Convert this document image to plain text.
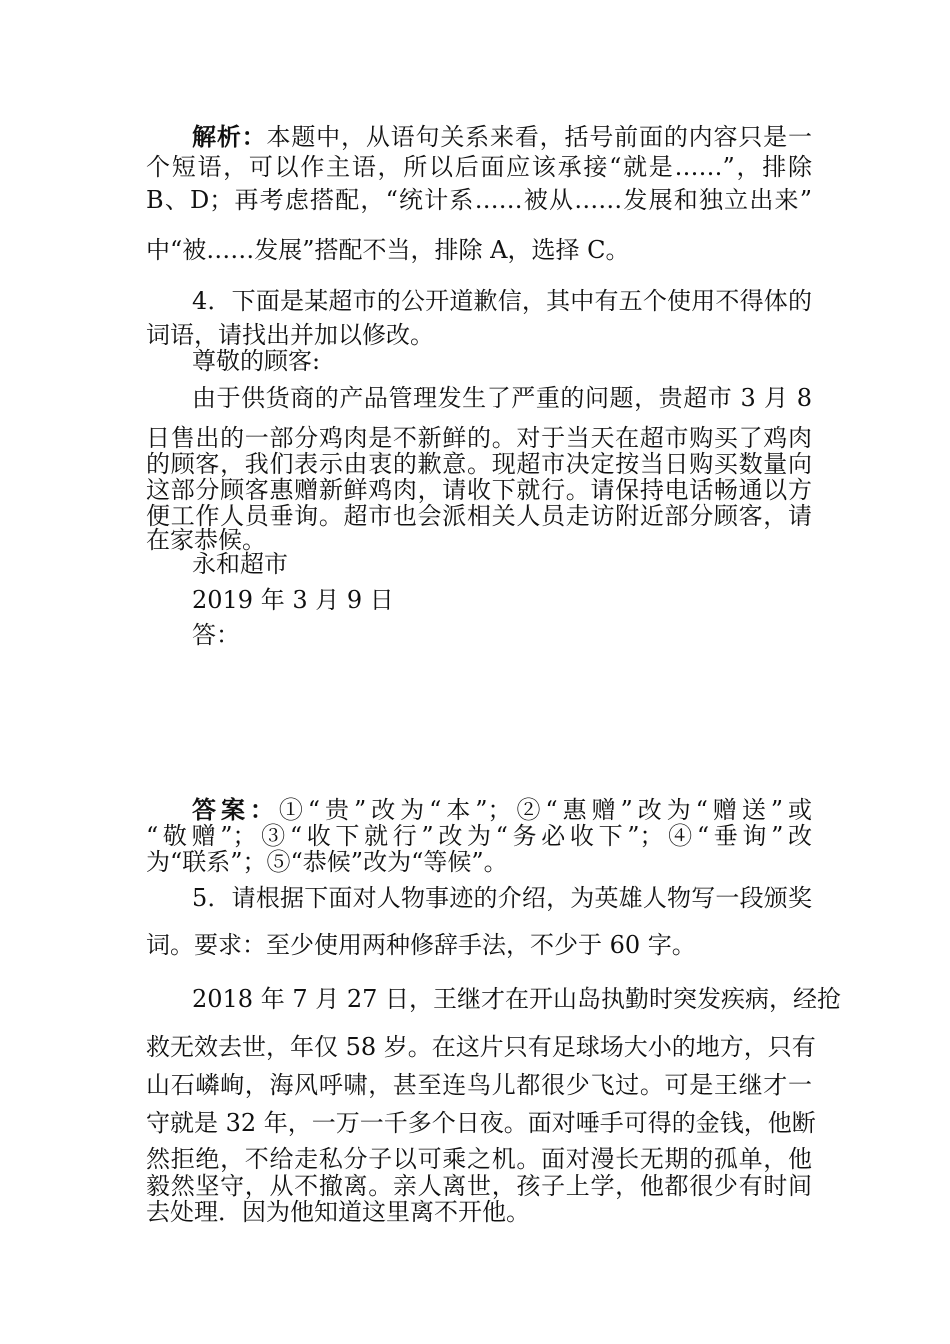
解析：本题中，从语句关系来看，括号前面的内容只是一

个短语，可以作主语，所以后面应该承接“就是……”，排除

B、D；再考虑搭配，“统计系……被从……发展和独立出来”

中“被……发展”搭配不当，排除 A，选择 C。

4．下面是某超市的公开道歉信，其中有五个使用不得体的

词语，请找出并加以修改。

尊敬的顾客:

由于供货商的产品管理发生了严重的问题，贵超市 3 月 8

日售出的一部分鸡肉是不新鲜的。对于当天在超市购买了鸡肉

的顾客，我们表示由衷的歉意。现超市决定按当日购买数量向

这部分顾客惠赠新鲜鸡肉，请收下就行。请保持电话畅通以方

便工作人员垂询。超市也会派相关人员走访附近部分顾客，请

在家恭候。

永和超市

2019 年 3 月 9 日

答：

答案：①“贵”改为“本”；②“惠赠”改为“赠送”或

“敬赠”；③“收下就行”改为“务必收下”；④“垂询”改

为“联系”；⑤“恭候”改为“等候”。

5．请根据下面对人物事迹的介绍，为英雄人物写一段颁奖

词。要求：至少使用两种修辞手法，不少于 60 字。

2018 年 7 月 27 日，王继才在开山岛执勤时突发疾病，经抢

救无效去世，年仅 58 岁。在这片只有足球场大小的地方，只有

山石嶙峋，海风呼啸，甚至连鸟儿都很少飞过。可是王继才一

守就是 32 年，一万一千多个日夜。面对唾手可得的金钱，他断

然拒绝，不给走私分子以可乘之机。面对漫长无期的孤单，他

毅然坚守，从不撤离。亲人离世，孩子上学，他都很少有时间

去处理．因为他知道这里离不开他。
